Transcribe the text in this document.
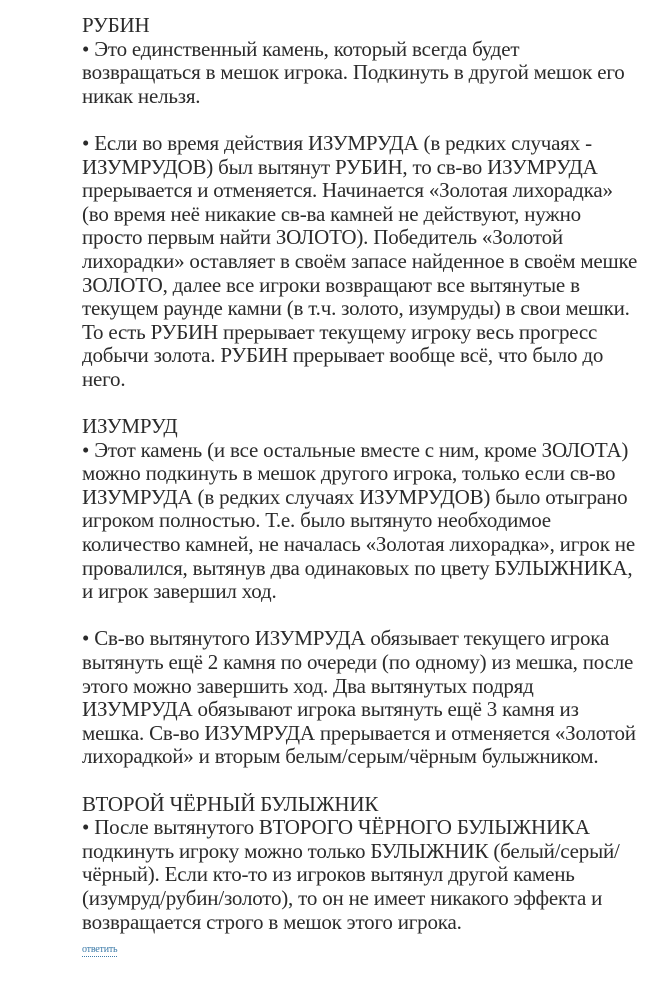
РУБИН

• Это единственный камень, который всегда будет возвращаться в мешок игрока. Подкинуть в другой мешок его никак нельзя.

• Если во время действия ИЗУМРУДА (в редких случаях - ИЗУМРУДОВ) был вытянут РУБИН, то св-во ИЗУМРУДА прерывается и отменяется. Начинается «Золотая лихорадка» (во время неё никакие св-ва камней не действуют, нужно просто первым найти ЗОЛОТО). Победитель «Золотой лихорадки» оставляет в своём запасе найденное в своём мешке ЗОЛОТО, далее все игроки возвращают все вытянутые в текущем раунде камни (в т.ч. золото, изумруды) в свои мешки. То есть РУБИН прерывает текущему игроку весь прогресс добычи золота. РУБИН прерывает вообще всё, что было до него.

ИЗУМРУД

• Этот камень (и все остальные вместе с ним, кроме ЗОЛОТА) можно подкинуть в мешок другого игрока, только если св-во ИЗУМРУДА (в редких случаях ИЗУМРУДОВ) было отыграно игроком полностью. Т.е. было вытянуто необходимое количество камней, не началась «Золотая лихорадка», игрок не провалился, вытянув два одинаковых по цвету БУЛЫЖНИКА, и игрок завершил ход.

• Св-во вытянутого ИЗУМРУДА обязывает текущего игрока вытянуть ещё 2 камня по очереди (по одному) из мешка, после этого можно завершить ход. Два вытянутых подряд ИЗУМРУДА обязывают игрока вытянуть ещё 3 камня из мешка. Св-во ИЗУМРУДА прерывается и отменяется «Золотой лихорадкой» и вторым белым/серым/чёрным булыжником.

ВТОРОЙ ЧЁРНЫЙ БУЛЫЖНИК

• После вытянутого ВТОРОГО ЧЁРНОГО БУЛЫЖНИКА подкинуть игроку можно только БУЛЫЖНИК (белый/серый/чёрный). Если кто-то из игроков вытянул другой камень (изумруд/рубин/золото), то он не имеет никакого эффекта и возвращается строго в мешок этого игрока.

ответить
